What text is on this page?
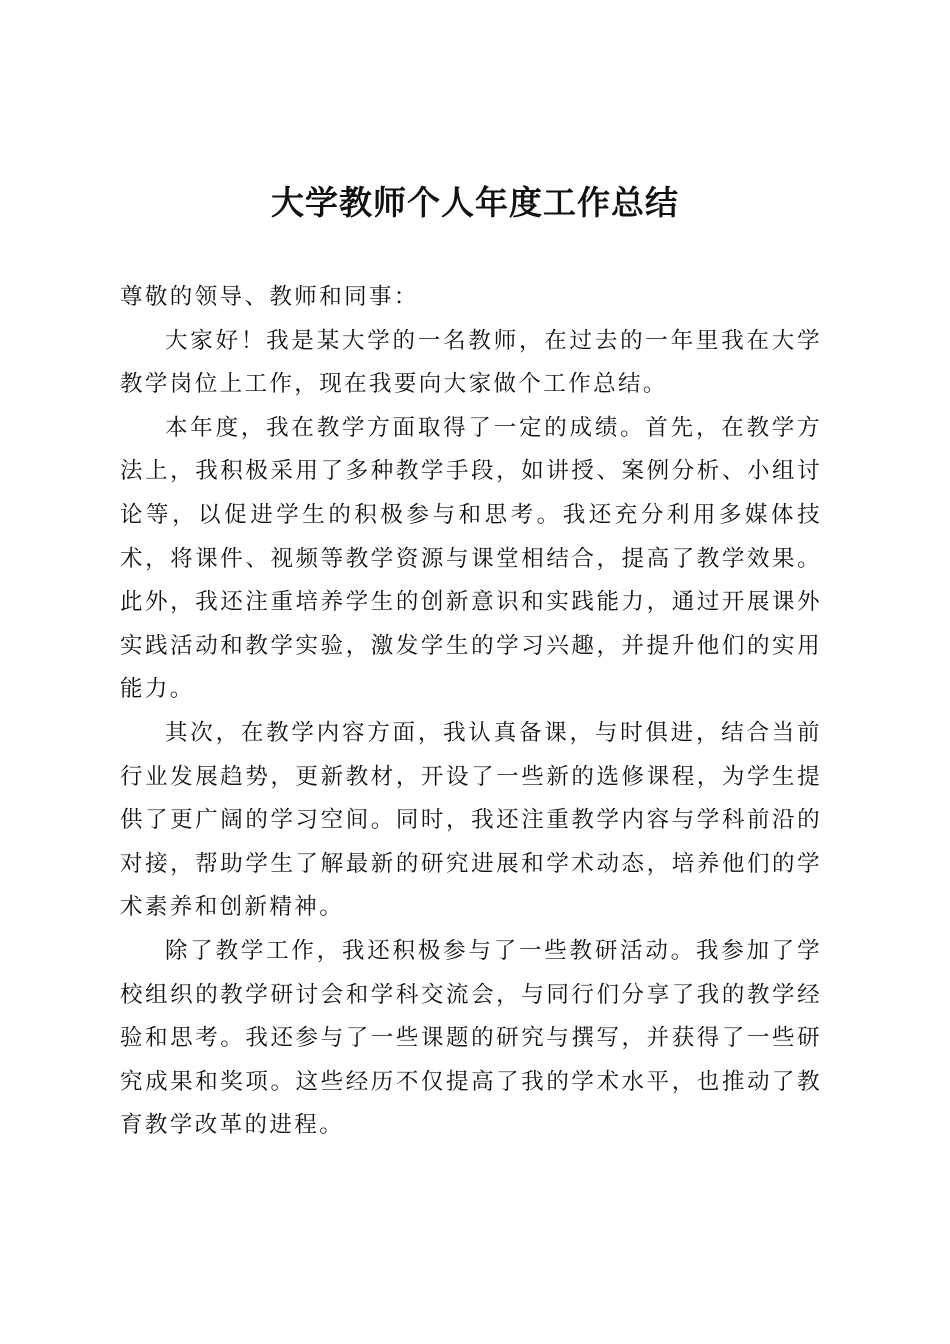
大学教师个人年度工作总结

尊敬的领导、教师和同事：

大家好！我是某大学的一名教师，在过去的一年里我在大学教学岗位上工作，现在我要向大家做个工作总结。

本年度，我在教学方面取得了一定的成绩。首先，在教学方法上，我积极采用了多种教学手段，如讲授、案例分析、小组讨论等，以促进学生的积极参与和思考。我还充分利用多媒体技术，将课件、视频等教学资源与课堂相结合，提高了教学效果。此外，我还注重培养学生的创新意识和实践能力，通过开展课外实践活动和教学实验，激发学生的学习兴趣，并提升他们的实用能力。

其次，在教学内容方面，我认真备课，与时俱进，结合当前行业发展趋势，更新教材，开设了一些新的选修课程，为学生提供了更广阔的学习空间。同时，我还注重教学内容与学科前沿的对接，帮助学生了解最新的研究进展和学术动态，培养他们的学术素养和创新精神。

除了教学工作，我还积极参与了一些教研活动。我参加了学校组织的教学研讨会和学科交流会，与同行们分享了我的教学经验和思考。我还参与了一些课题的研究与撰写，并获得了一些研究成果和奖项。这些经历不仅提高了我的学术水平，也推动了教育教学改革的进程。
